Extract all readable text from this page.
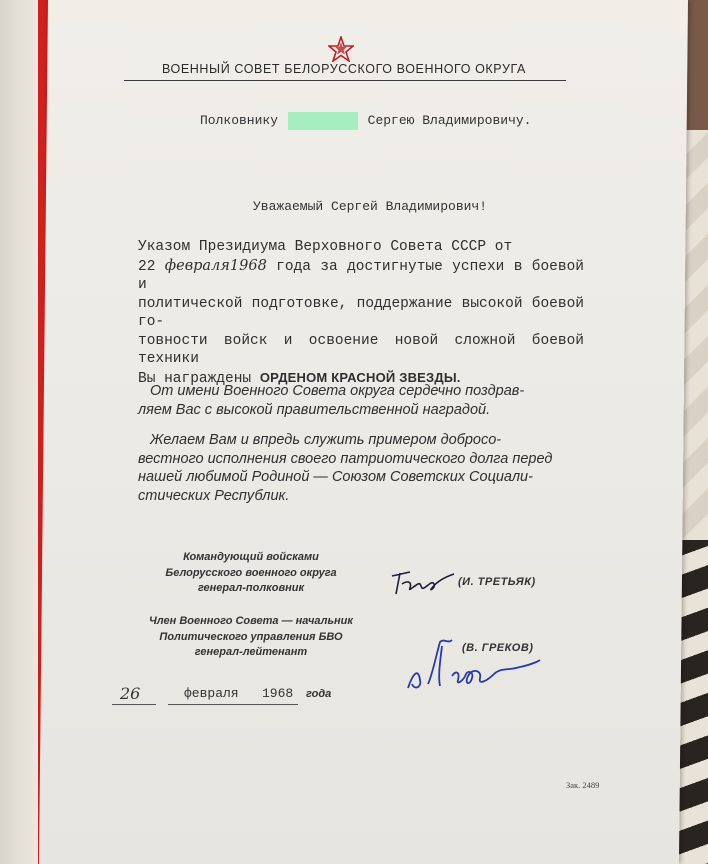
ВОЕННЫЙ СОВЕТ БЕЛОРУССКОГО ВОЕННОГО ОКРУГА
Полковнику	Сергею Владимировичу.
Уважаемый Сергей Владимирович!
Указом Президиума Верховного Совета СССР от
22 февраля1968 года за достигнутые успехи в боевой и
политической подготовке, поддержание высокой боевой го-
товности войск и освоение новой сложной боевой техники
Вы награждены ОРДЕНОМ КРАСНОЙ ЗВЕЗДЫ.
От имени Военного Совета округа сердечно поздрав-
ляем Вас с высокой правительственной наградой.
Желаем Вам и впредь служить примером добросо-
вестного исполнения своего патриотического долга перед
нашей любимой Родиной — Союзом Советских Социали-
стических Республик.
Командующий войсками
Белорусского военного округа
генерал-полковник	(И. ТРЕТЬЯК)
Член Военного Совета — начальник
Политического управления БВО
генерал-лейтенант	(В. ГРЕКОВ)
26	февраля 1968 года
Зак. 2489
